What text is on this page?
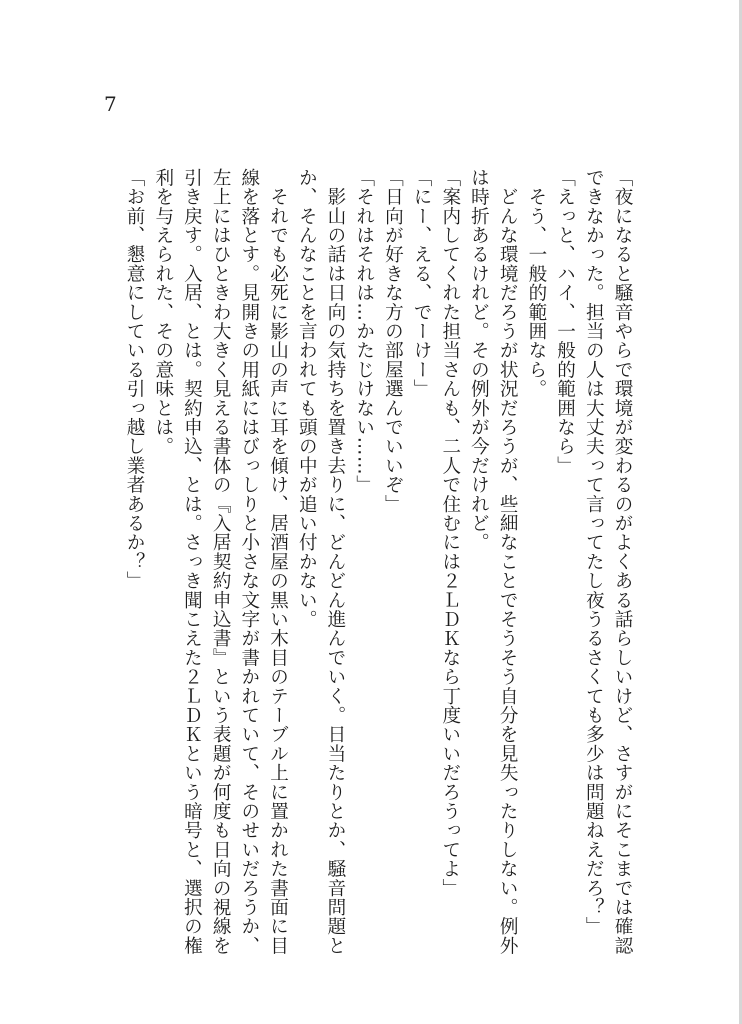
7
「夜になると騒音やらで環境が変わるのがよくある話らしいけど、さすがにそこまでは確認
できなかった。担当の人は大丈夫って言ってたし夜うるさくても多少は問題ねえだろ？」
「えっと、ハイ、一般的範囲なら」
　そう、一般的範囲なら。
　どんな環境だろうが状況だろうが、些細なことでそうそう自分を見失ったりしない。例外
は時折あるけれど。その例外が今だけれど。
「案内してくれた担当さんも、二人で住むには２ＬＤＫなら丁度いいだろうってよ」
「にー、える、でーけー」
「日向が好きな方の部屋選んでいいぞ」
「それはそれは…かたじけない……」
　影山の話は日向の気持ちを置き去りに、どんどん進んでいく。日当たりとか、騒音問題と
か、そんなことを言われても頭の中が追い付かない。
　それでも必死に影山の声に耳を傾け、居酒屋の黒い木目のテーブル上に置かれた書面に目
線を落とす。見開きの用紙にはびっしりと小さな文字が書かれていて、そのせいだろうか、
左上にはひときわ大きく見える書体の『入居契約申込書』という表題が何度も日向の視線を
引き戻す。入居、とは。契約申込、とは。さっき聞こえた２ＬＤＫという暗号と、選択の権
利を与えられた、その意味とは。
「お前、懇意にしている引っ越し業者あるか？」
